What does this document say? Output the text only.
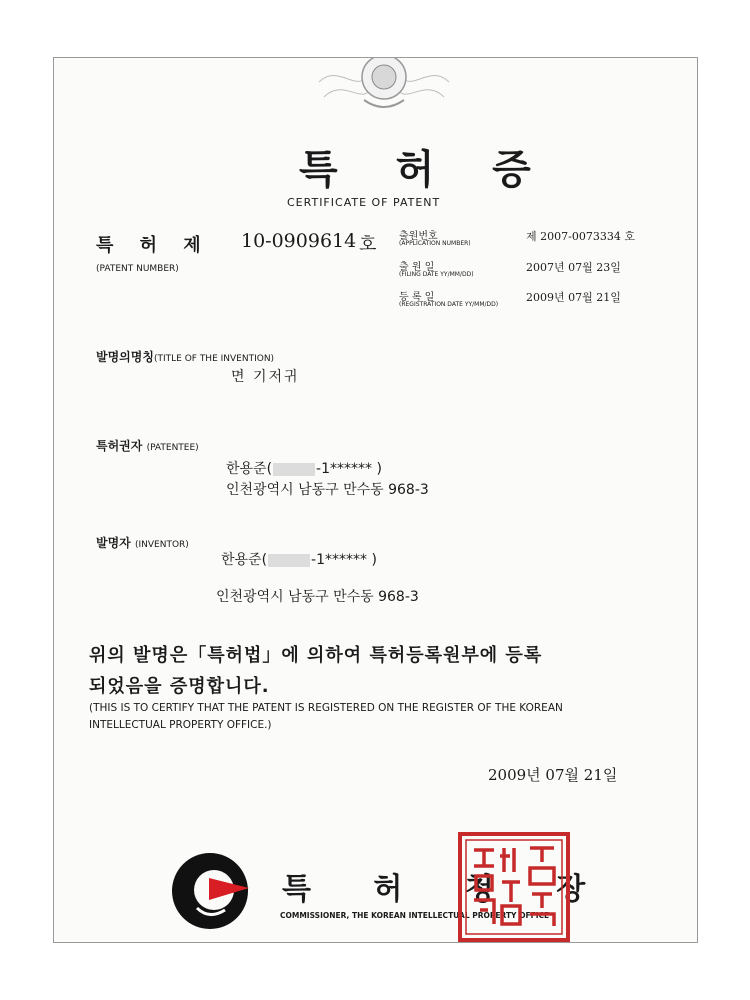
특 허 증
CERTIFICATE OF PATENT
특 허 제 10-0909614 호
(PATENT NUMBER)
출원번호
(APPLICATION NUMBER)
제 2007-0073334 호
출 원 일
(FILING DATE YY/MM/DD)
2007년 07월 23일
등 록 일
(REGISTRATION DATE YY/MM/DD)
2009년 07월 21일
발명의명칭(TITLE OF THE INVENTION)
면 기저귀
특허권자 (PATENTEE)
한용준(	-1****** )
인천광역시 남동구 만수동 968-3
발명자 (INVENTOR)
한용준(	-1****** )
인천광역시 남동구 만수동 968-3
위의 발명은「특허법」에 의하여 특허등록원부에 등록
되었음을 증명합니다.
(THIS IS TO CERTIFY THAT THE PATENT IS REGISTERED ON THE REGISTER OF THE KOREAN
INTELLECTUAL PROPERTY OFFICE.)
2009년 07월 21일
특 허 청 장
COMMISSIONER, THE KOREAN INTELLECTUAL PROPERTY OFFICE
